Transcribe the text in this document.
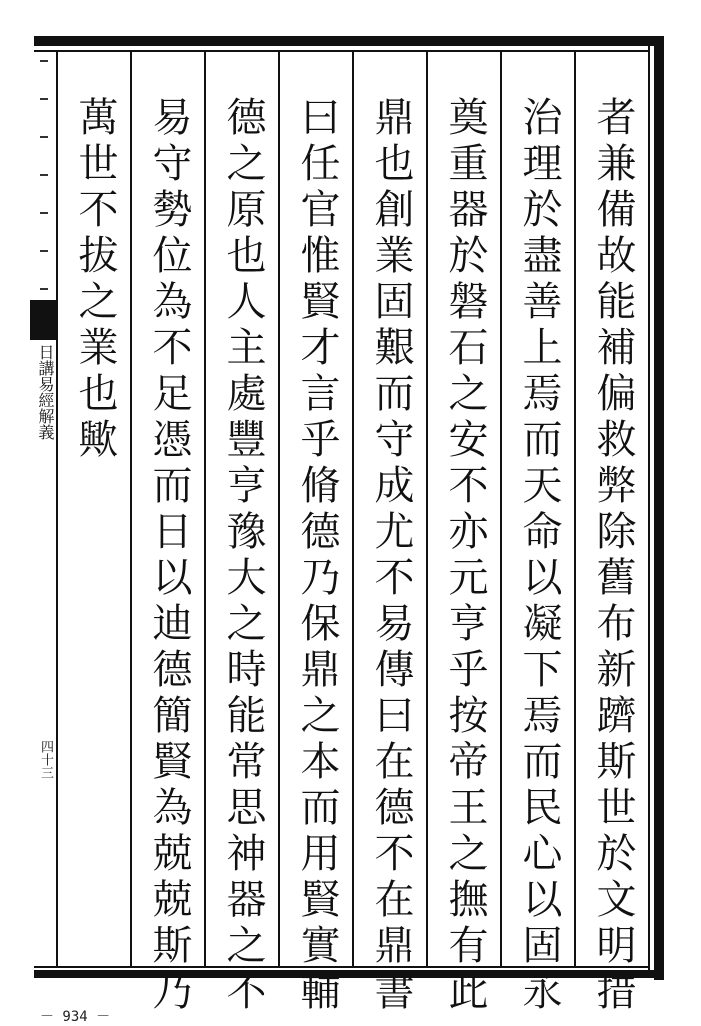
日講易經解義
四十三	者兼備故能補偏救弊除舊布新躋斯世於文明措
治理於盡善上焉而天命以凝下焉而民心以固永
奠重器於磐石之安不亦元亨乎按帝王之撫有此
鼎也創業固艱而守成尤不易傳曰在德不在鼎書
曰任官惟賢才言乎脩德乃保鼎之本而用賢實輔
德之原也人主處豐亨豫大之時能常思神器之不
易守勢位為不足憑而日以迪德簡賢為兢兢斯乃
萬世不拔之業也歟
－ 934 －
